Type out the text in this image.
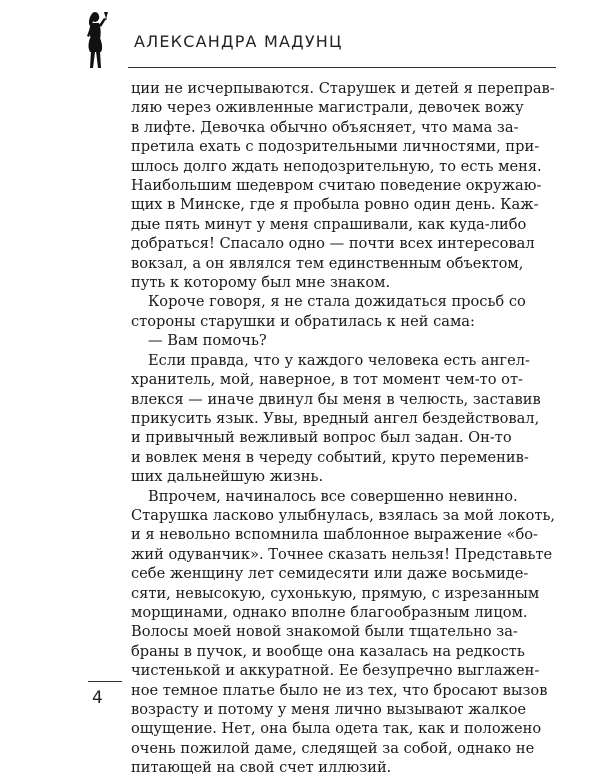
АЛЕКСАНДРА МАДУНЦ
ции не исчерпываются. Старушек и детей я переправ-
ляю через оживленные магистрали, девочек вожу
в лифте. Девочка обычно объясняет, что мама за-
претила ехать с подозрительными личностями, при-
шлось долго ждать неподозрительную, то есть меня.
Наибольшим шедевром считаю поведение окружаю-
щих в Минске, где я пробыла ровно один день. Каж-
дые пять минут у меня спрашивали, как куда-либо
добраться! Спасало одно — почти всех интересовал
вокзал, а он являлся тем единственным объектом,
путь к которому был мне знаком.
Короче говоря, я не стала дожидаться просьб со
стороны старушки и обратилась к ней сама:
— Вам помочь?
Если правда, что у каждого человека есть ангел-
хранитель, мой, наверное, в тот момент чем-то от-
влекся — иначе двинул бы меня в челюсть, заставив
прикусить язык. Увы, вредный ангел бездействовал,
и привычный вежливый вопрос был задан. Он-то
и вовлек меня в череду событий, круто переменив-
ших дальнейшую жизнь.
Впрочем, начиналось все совершенно невинно.
Старушка ласково улыбнулась, взялась за мой локоть,
и я невольно вспомнила шаблонное выражение «бо-
жий одуванчик». Точнее сказать нельзя! Представьте
себе женщину лет семидесяти или даже восьмиде-
сяти, невысокую, сухонькую, прямую, с изрезанным
морщинами, однако вполне благообразным лицом.
Волосы моей новой знакомой были тщательно за-
браны в пучок, и вообще она казалась на редкость
чистенькой и аккуратной. Ее безупречно выглажен-
ное темное платье было не из тех, что бросают вызов
возрасту и потому у меня лично вызывают жалкое
ощущение. Нет, она была одета так, как и положено
очень пожилой даме, следящей за собой, однако не
питающей на свой счет иллюзий.
4
